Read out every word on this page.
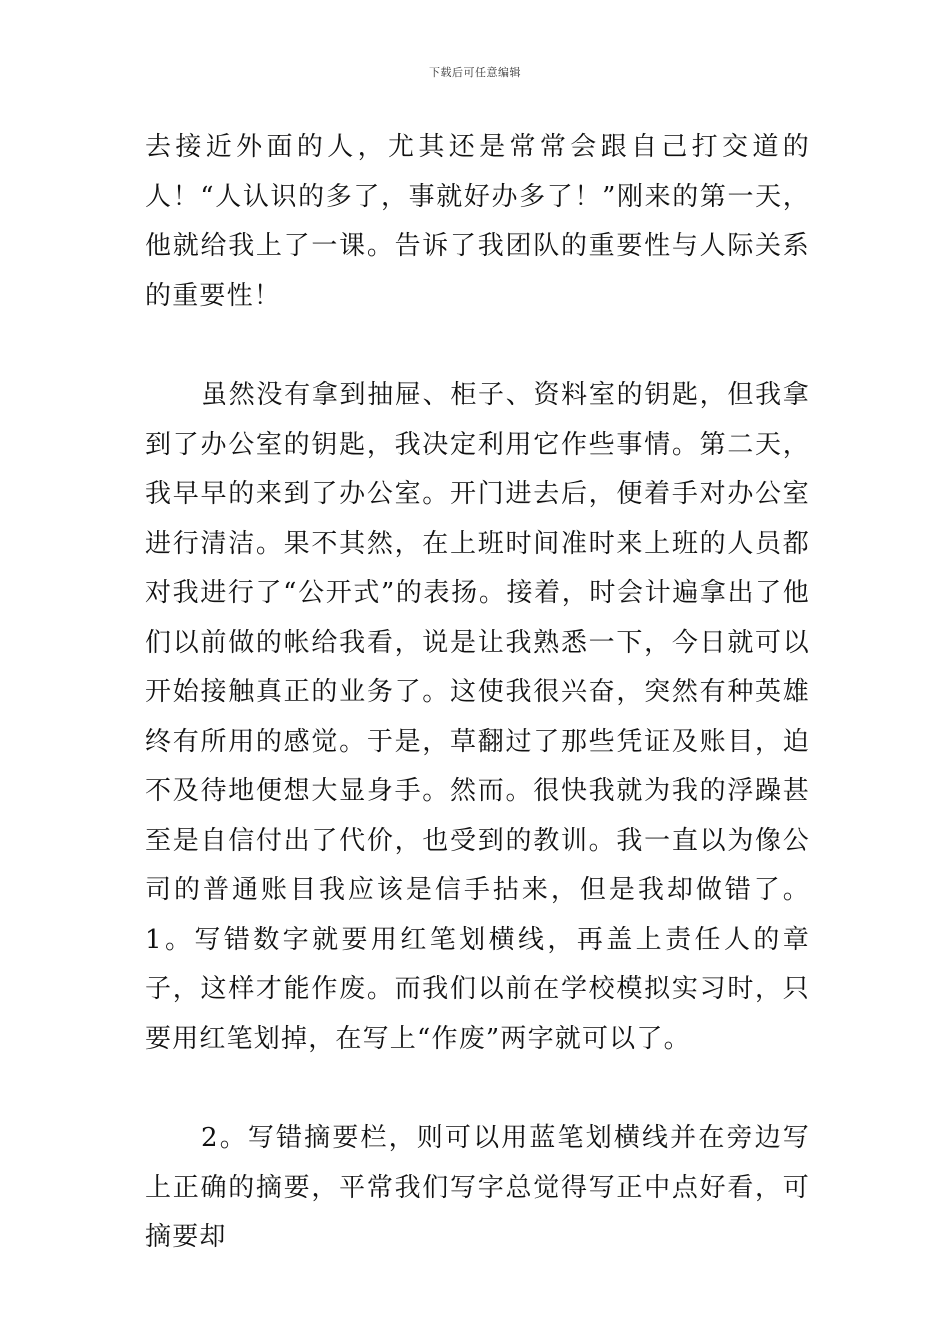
下载后可任意编辑

去接近外面的人，尤其还是常常会跟自己打交道的人！“人认识的多了，事就好办多了！”刚来的第一天，他就给我上了一课。告诉了我团队的重要性与人际关系的重要性！

虽然没有拿到抽屉、柜子、资料室的钥匙，但我拿到了办公室的钥匙，我决定利用它作些事情。第二天，我早早的来到了办公室。开门进去后，便着手对办公室进行清洁。果不其然，在上班时间准时来上班的人员都对我进行了“公开式”的表扬。接着，时会计遍拿出了他们以前做的帐给我看，说是让我熟悉一下，今日就可以开始接触真正的业务了。这使我很兴奋，突然有种英雄终有所用的感觉。于是，草翻过了那些凭证及账目，迫不及待地便想大显身手。然而。很快我就为我的浮躁甚至是自信付出了代价，也受到的教训。我一直以为像公司的普通账目我应该是信手拈来，但是我却做错了。1。写错数字就要用红笔划横线，再盖上责任人的章子，这样才能作废。而我们以前在学校模拟实习时，只要用红笔划掉，在写上“作废”两字就可以了。

2。写错摘要栏，则可以用蓝笔划横线并在旁边写上正确的摘要，平常我们写字总觉得写正中点好看，可摘要却
